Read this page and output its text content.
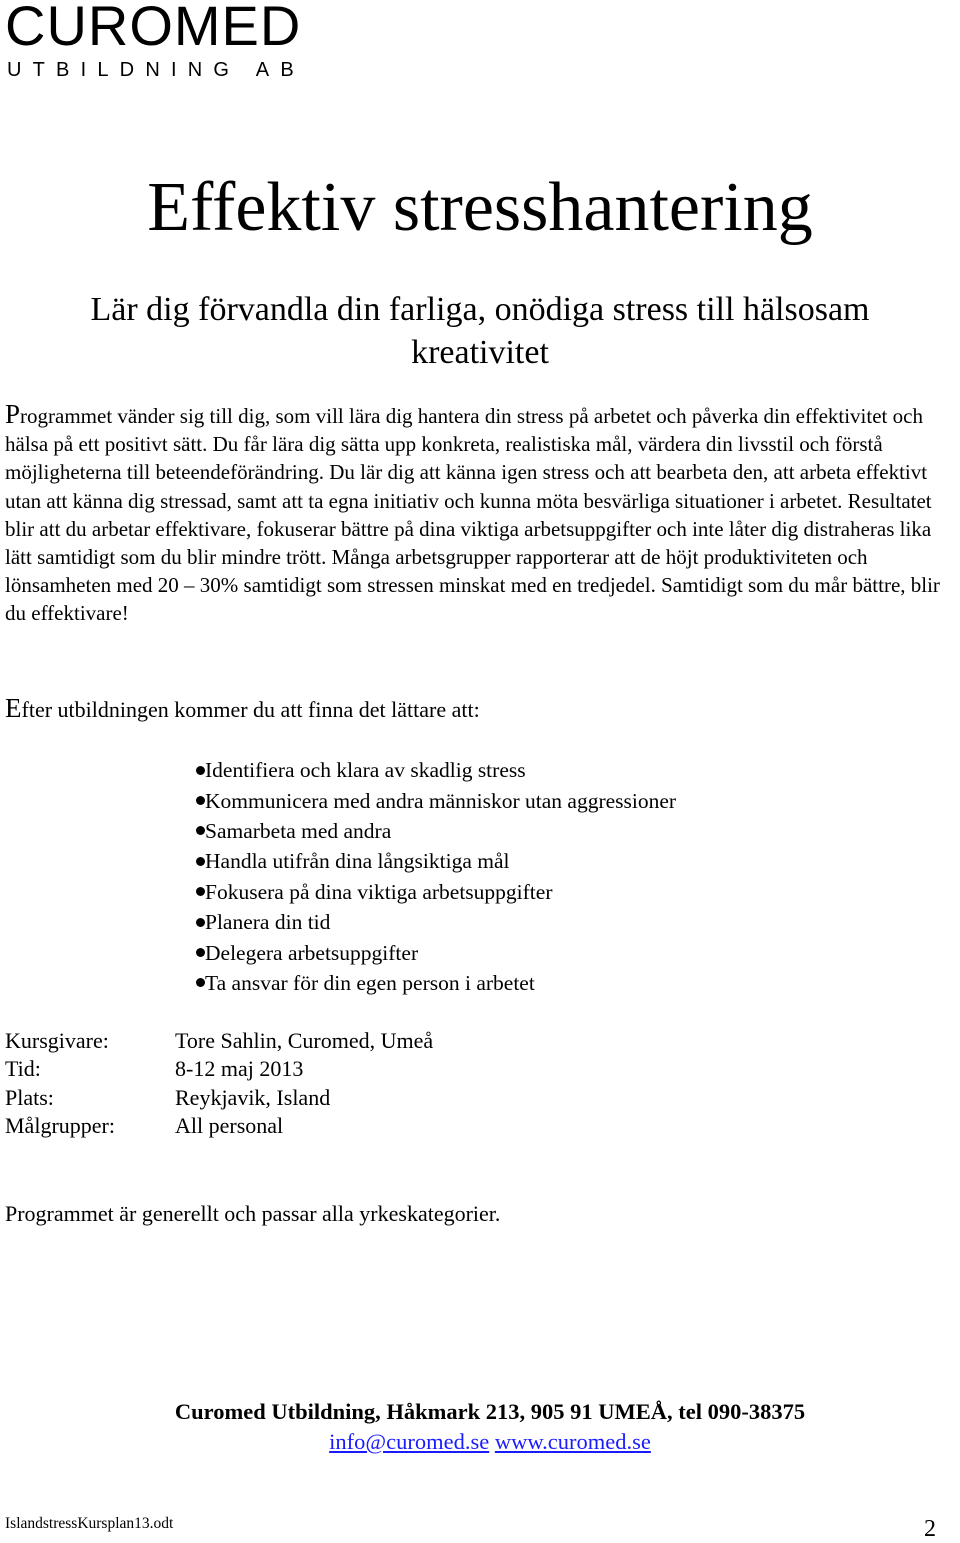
CUROMED
UTBILDNING AB
Effektiv stresshantering
Lär dig förvandla din farliga, onödiga stress till hälsosam kreativitet
Programmet vänder sig till dig, som vill lära dig hantera din stress på arbetet och påverka din effektivitet och hälsa på ett positivt sätt. Du får lära dig sätta upp konkreta, realistiska mål, värdera din livsstil och förstå möjligheterna till beteendeförändring. Du lär dig att känna igen stress och att bearbeta den, att arbeta effektivt utan att känna dig stressad, samt att ta egna initiativ och kunna möta besvärliga situationer i arbetet. Resultatet blir att du arbetar effektivare, fokuserar bättre på dina viktiga arbetsuppgifter och inte låter dig distraheras lika lätt samtidigt som du blir mindre trött. Många arbetsgrupper rapporterar att de höjt produktiviteten och lönsamheten med 20 – 30% samtidigt som stressen minskat med en tredjedel. Samtidigt som du mår bättre, blir du effektivare!
Efter utbildningen kommer du att finna det lättare att:
Identifiera och klara av skadlig stress
Kommunicera med andra människor utan aggressioner
Samarbeta med andra
Handla utifrån dina långsiktiga mål
Fokusera på dina viktiga arbetsuppgifter
Planera din tid
Delegera arbetsuppgifter
Ta ansvar för din egen person i arbetet
Kursgivare:	Tore Sahlin, Curomed, Umeå
Tid:	8-12 maj 2013
Plats:	Reykjavik, Island
Målgrupper:	All personal
Programmet är generellt och passar alla yrkeskategorier.
Curomed Utbildning, Håkmark 213, 905 91 UMEÅ, tel 090-38375
info@curomed.se www.curomed.se
IslandstressKursplan13.odt	2
